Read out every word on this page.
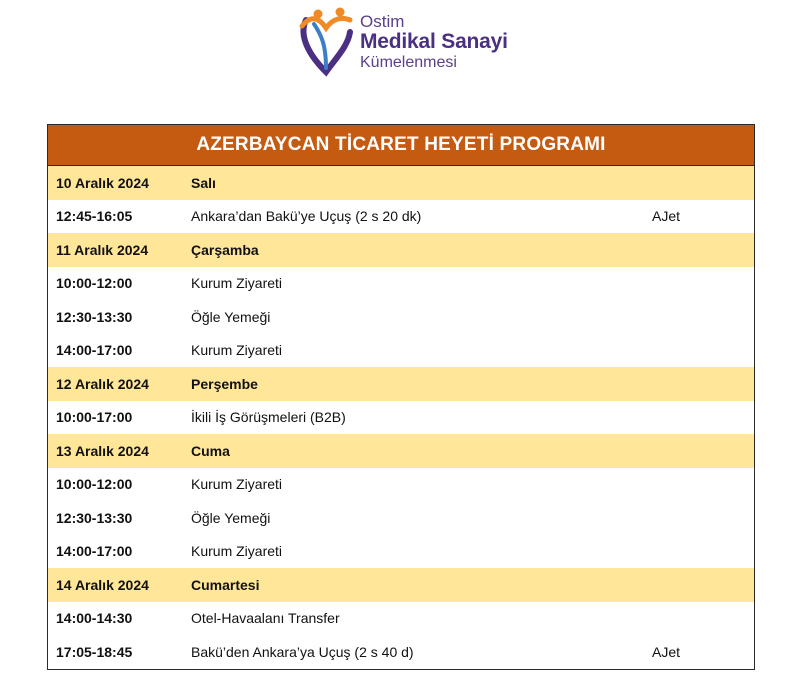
Ostim
Medikal Sanayi
Kümelenmesi
AZERBAYCAN TİCARET HEYETİ PROGRAMI
10 Aralık 2024	Salı
12:45-16:05	Ankara’dan Bakü’ye Uçuş (2 s 20 dk)	AJet
11 Aralık 2024	Çarşamba
10:00-12:00	Kurum Ziyareti
12:30-13:30	Öğle Yemeği
14:00-17:00	Kurum Ziyareti
12 Aralık 2024	Perşembe
10:00-17:00	İkili İş Görüşmeleri (B2B)
13 Aralık 2024	Cuma
10:00-12:00	Kurum Ziyareti
12:30-13:30	Öğle Yemeği
14:00-17:00	Kurum Ziyareti
14 Aralık 2024	Cumartesi
14:00-14:30	Otel-Havaalanı Transfer
17:05-18:45	Bakü’den Ankara’ya Uçuş (2 s 40 d)	AJet
